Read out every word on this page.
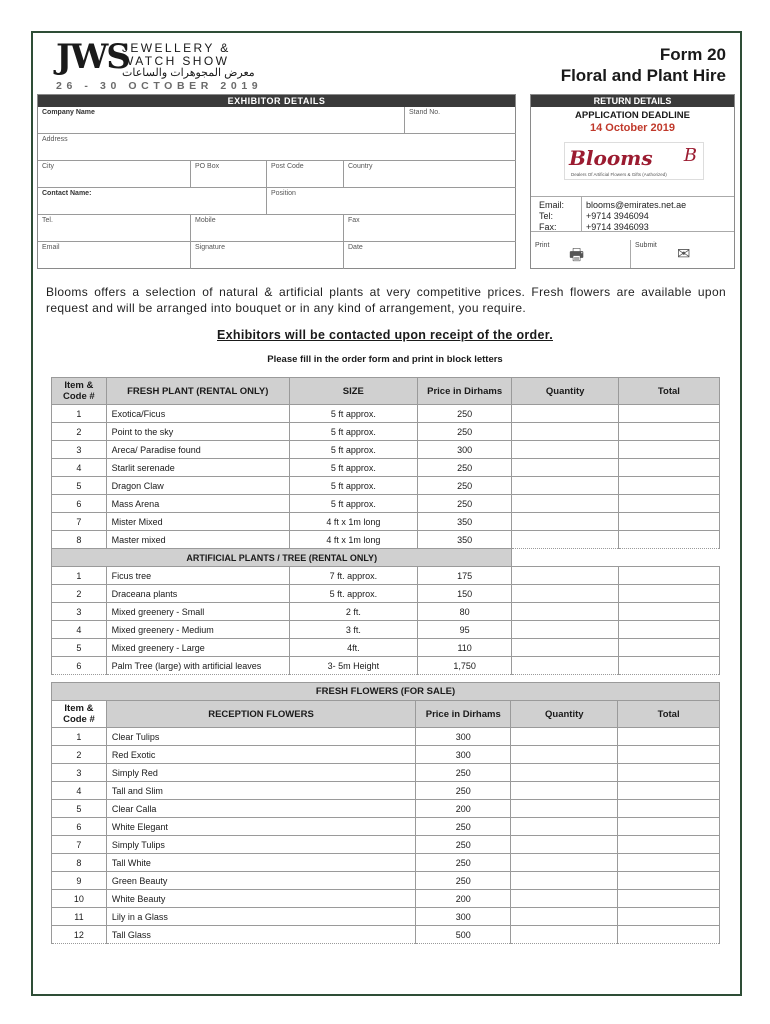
JWS
JEWELLERY &
WATCH SHOW
معرض المجوهرات والساعات
26 - 30 OCTOBER 2019
Form 20
Floral and Plant Hire
EXHIBITOR DETAILS
Company Name	Stand No.
Address
City	PO Box	Post Code	Country
Contact Name:	Position
Tel.	Mobile	Fax
Email	Signature	Date
RETURN DETAILS
APPLICATION DEADLINE
14 October 2019
Blooms B
Dealers Of Artificial Flowers & Gifts (Authorized)
Email: blooms@emirates.net.ae
Tel:	+9714 3946094
Fax:	+9714 3946093
Print
🖶
Submit
✉
Blooms offers a selection of natural & artificial plants at very competitive prices. Fresh flowers are available upon request and will be arranged into bouquet or in any kind of arrangement, you require.
Exhibitors will be contacted upon receipt of the order.
Please fill in the order form and print in block letters
Item &
Code #	FRESH PLANT (RENTAL ONLY)	SIZE	Price in Dirhams	Quantity	Total
1	Exotica/Ficus	5 ft approx.	250		
2	Point to the sky	5 ft approx.	250		
3	Areca/ Paradise found	5 ft approx.	300		
4	Starlit serenade	5 ft approx.	250		
5	Dragon Claw	5 ft approx.	250		
6	Mass Arena	5 ft approx.	250		
7	Mister Mixed	4 ft x 1m long	350		
8	Master mixed	4 ft x 1m long	350		
ARTIFICIAL PLANTS / TREE (RENTAL ONLY)					
1	Ficus tree	7 ft. approx.	175		
2	Draceana plants	5 ft. approx.	150		
3	Mixed greenery - Small	2 ft.	80		
4	Mixed greenery - Medium	3 ft.	95		
5	Mixed greenery - Large	4ft.	110		
6	Palm Tree (large) with artificial leaves	3- 5m Height	1,750		
FRESH FLOWERS (FOR SALE)				
Item &
Code #	RECEPTION FLOWERS	Price in Dirhams	Quantity	Total
1	Clear Tulips	300		
2	Red Exotic	300		
3	Simply Red	250		
4	Tall and Slim	250		
5	Clear Calla	200		
6	White Elegant	250		
7	Simply Tulips	250		
8	Tall White	250		
9	Green Beauty	250		
10	White Beauty	200		
11	Lily in a Glass	300		
12	Tall Glass	500		
